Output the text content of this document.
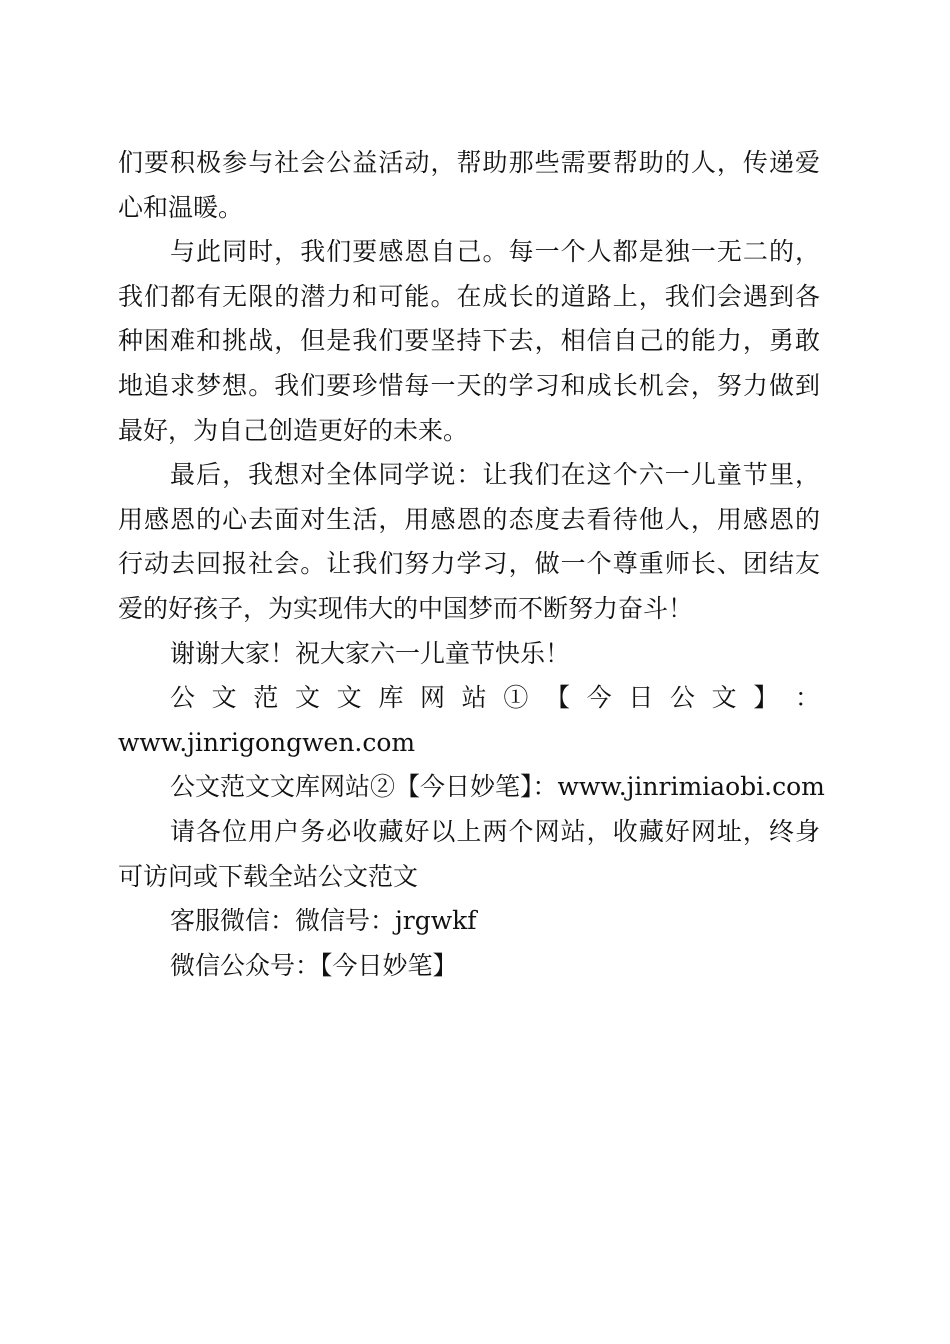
们要积极参与社会公益活动，帮助那些需要帮助的人，传递爱
心和温暖。
与此同时，我们要感恩自己。每一个人都是独一无二的，
我们都有无限的潜力和可能。在成长的道路上，我们会遇到各
种困难和挑战，但是我们要坚持下去，相信自己的能力，勇敢
地追求梦想。我们要珍惜每一天的学习和成长机会，努力做到
最好，为自己创造更好的未来。
最后，我想对全体同学说：让我们在这个六一儿童节里，
用感恩的心去面对生活，用感恩的态度去看待他人，用感恩的
行动去回报社会。让我们努力学习，做一个尊重师长、团结友
爱的好孩子，为实现伟大的中国梦而不断努力奋斗！
谢谢大家！祝大家六一儿童节快乐！
公 文 范 文 文 库 网 站 ① 【 今 日 公 文 】 ：
www.jinrigongwen.com
公文范文文库网站②【今日妙笔】：www.jinrimiaobi.com
请各位用户务必收藏好以上两个网站，收藏好网址，终身
可访问或下载全站公文范文
客服微信：微信号：jrgwkf
微信公众号：【今日妙笔】
